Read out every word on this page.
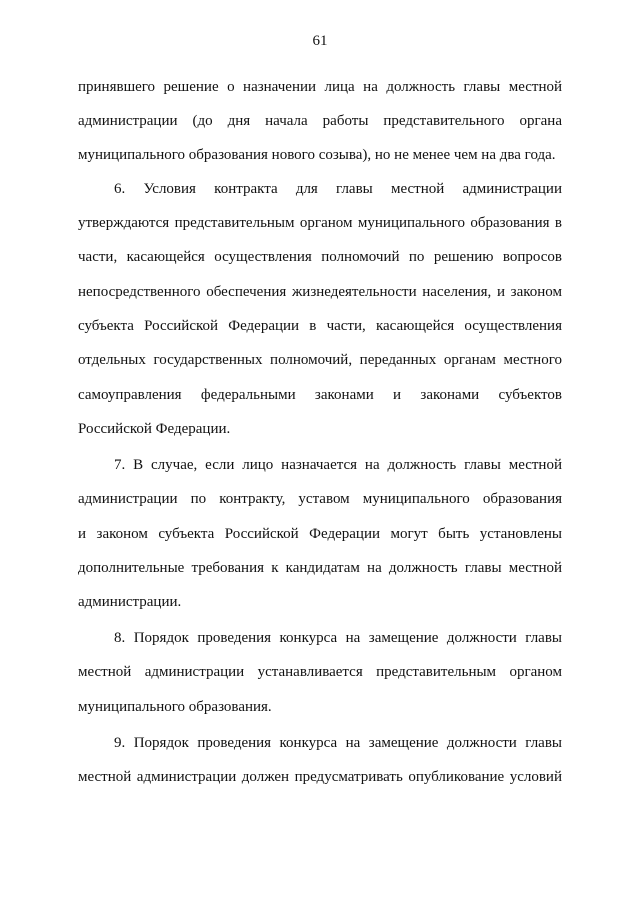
61
принявшего решение о назначении лица на должность главы местной
администрации (до дня начала работы представительного органа
муниципального образования нового созыва), но не менее чем на два года.
6. Условия контракта для главы местной администрации
утверждаются представительным органом муниципального образования в
части, касающейся осуществления полномочий по решению вопросов
непосредственного обеспечения жизнедеятельности населения, и законом
субъекта Российской Федерации в части, касающейся осуществления
отдельных государственных полномочий, переданных органам местного
самоуправления федеральными законами и законами субъектов
Российской Федерации.
7. В случае, если лицо назначается на должность главы местной
администрации по контракту, уставом муниципального образования
и законом субъекта Российской Федерации могут быть установлены
дополнительные требования к кандидатам на должность главы местной
администрации.
8. Порядок проведения конкурса на замещение должности главы
местной администрации устанавливается представительным органом
муниципального образования.
9. Порядок проведения конкурса на замещение должности главы
местной администрации должен предусматривать опубликование условий
